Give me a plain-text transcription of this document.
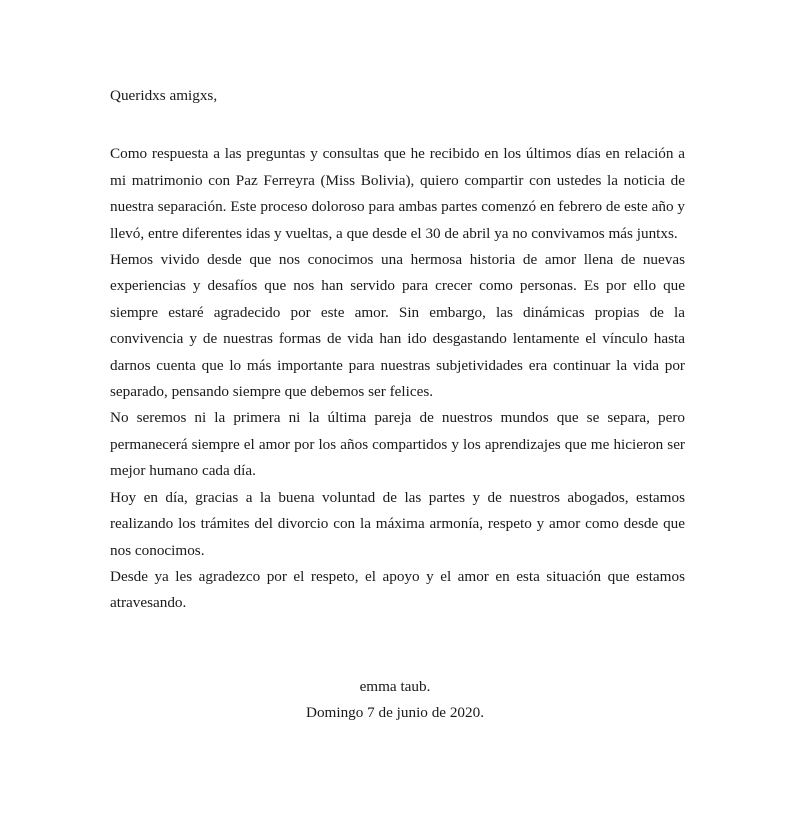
Queridxs amigxs,

Como respuesta a las preguntas y consultas que he recibido en los últimos días en relación a mi matrimonio con Paz Ferreyra (Miss Bolivia), quiero compartir con ustedes la noticia de nuestra separación. Este proceso doloroso para ambas partes comenzó en febrero de este año y llevó, entre diferentes idas y vueltas, a que desde el 30 de abril ya no convivamos más juntxs.

Hemos vivido desde que nos conocimos una hermosa historia de amor llena de nuevas experiencias y desafíos que nos han servido para crecer como personas. Es por ello que siempre estaré agradecido por este amor. Sin embargo, las dinámicas propias de la convivencia y de nuestras formas de vida han ido desgastando lentamente el vínculo hasta darnos cuenta que lo más importante para nuestras subjetividades era continuar la vida por separado, pensando siempre que debemos ser felices.

No seremos ni la primera ni la última pareja de nuestros mundos que se separa, pero permanecerá siempre el amor por los años compartidos y los aprendizajes que me hicieron ser mejor humano cada día.

Hoy en día, gracias a la buena voluntad de las partes y de nuestros abogados, estamos realizando los trámites del divorcio con la máxima armonía, respeto y amor como desde que nos conocimos.

Desde ya les agradezco por el respeto, el apoyo y el amor en esta situación que estamos atravesando.

emma taub.
Domingo 7 de junio de 2020.
